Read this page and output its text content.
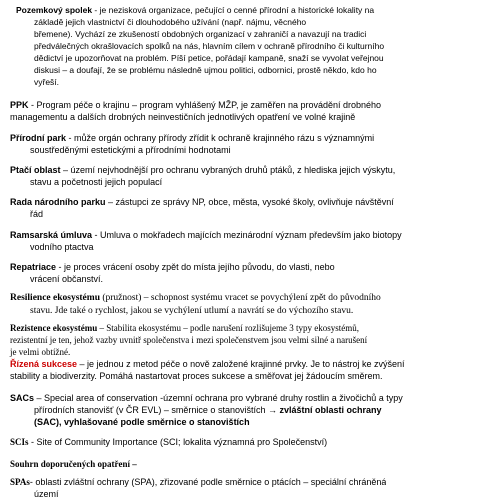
Pozemkový spolek - je nezisková organizace, pečující o cenné přírodní a historické lokality na
základě jejich vlastnictví či dlouhodobého užívání (např. nájmu, věcného
břemene). Vychází ze zkušeností obdobných organizací v zahraničí a navazují na tradici
předválečných okrašlovacích spolků na nás, hlavním cílem v ochraně přírodního či kulturního
dědictví je upozorňovat na problém. Píší petice, pořádají kampaně, snaží se vyvolat veřejnou
diskusi – a doufají, že se problému následně ujmou politici, odbornici, prostě někdo, kdo ho
vyřeší.
PPK - Program péče o krajinu – program vyhlášený MŽP, je zaměřen na provádění drobného
managementu a dalších drobných neinvestičních jednotlivých opatření ve volné krajině
Přírodní park - může orgán ochrany přírody zřídit k ochraně krajinného rázu s významnými
soustředěnými estetickými a přírodními hodnotami
Ptačí oblast – území nejvhodnější pro ochranu vybraných druhů ptáků, z hlediska jejich výskytu,
stavu a početnosti jejich populací
Rada národního parku – zástupci ze správy NP, obce, města, vysoké školy, ovlivňuje návštěvní
řád
Ramsarská úmluva - Umluva o mokřadech majících mezinárodní význam především jako biotopy
vodního ptactva
Repatriace - je proces vrácení osoby zpět do místa jejího původu, do vlasti, nebo
vrácení občanství.
Resilience ekosystému (pružnost) – schopnost systému vracet se povychýlení zpět do původního
stavu. Jde také o rychlost, jakou se vychýlení utlumí a navrátí se do výchozího stavu.
Rezistence ekosystému – Stabilita ekosystému – podle narušení rozlišujeme 3 typy ekosystémů,
rezistentní je ten, jehož vazby uvnitř společenstva i mezi společenstvem jsou velmi silné a narušení
je velmi obtížné.
Řízená sukcese – je jednou z metod péče o nově založené krajinné prvky. Je to nástroj ke zvýšení
stability a biodiverzity. Pomáhá nastartovat proces sukcese a směřovat jej žádoucím směrem.
SACs – Special area of conservation -územní ochrana pro vybrané druhy rostlin a živočichů a typy
přírodních stanovišť (v ČR EVL) – směrnice o stanovištích → zvláštní oblasti ochrany
(SAC), vyhlašované podle směrnice o stanovištích
SCIs - Site of Community Importance (SCI; lokalita významná pro Společenství)
Souhrn doporučených opatření –
SPAs- oblasti zvláštní ochrany (SPA), zřizované podle směrnice o ptácích – speciální chráněná
území
